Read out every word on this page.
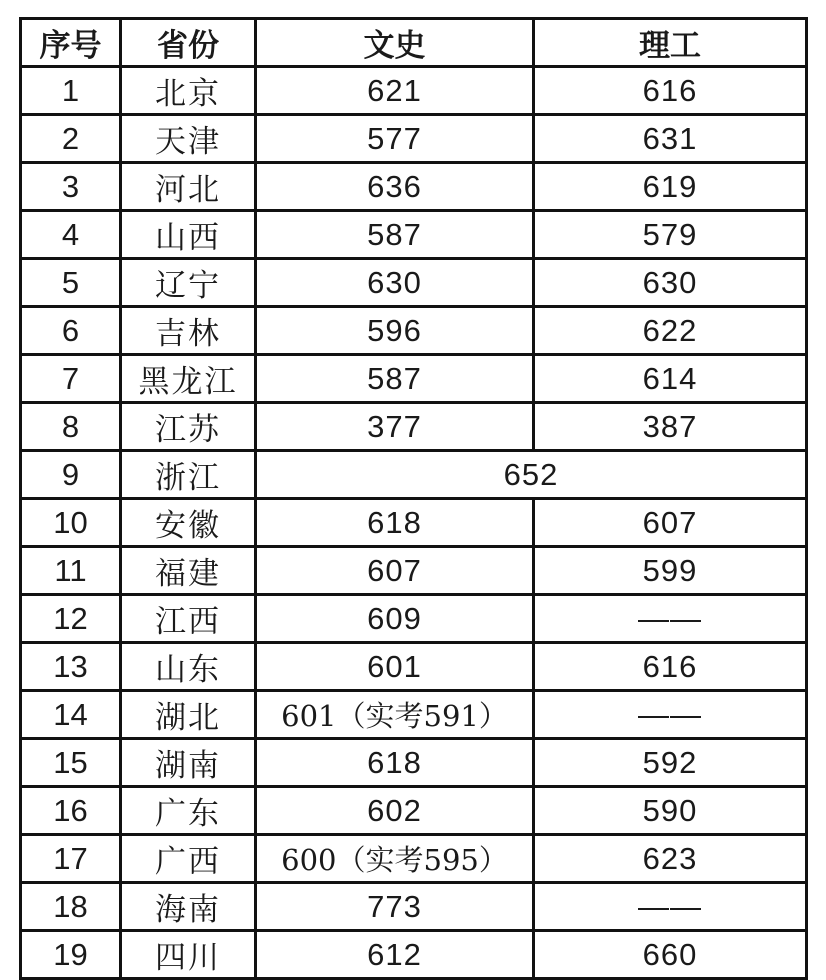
序号	省份	文史	理工
1	北京	621	616
2	天津	577	631
3	河北	636	619
4	山西	587	579
5	辽宁	630	630
6	吉林	596	622
7	黑龙江	587	614
8	江苏	377	387
9	浙江	652	
10	安徽	618	607
11	福建	607	599
12	江西	609	——
13	山东	601	616
14	湖北	601（实考591）	——
15	湖南	618	592
16	广东	602	590
17	广西	600（实考595）	623
18	海南	773	——
19	四川	612	660
